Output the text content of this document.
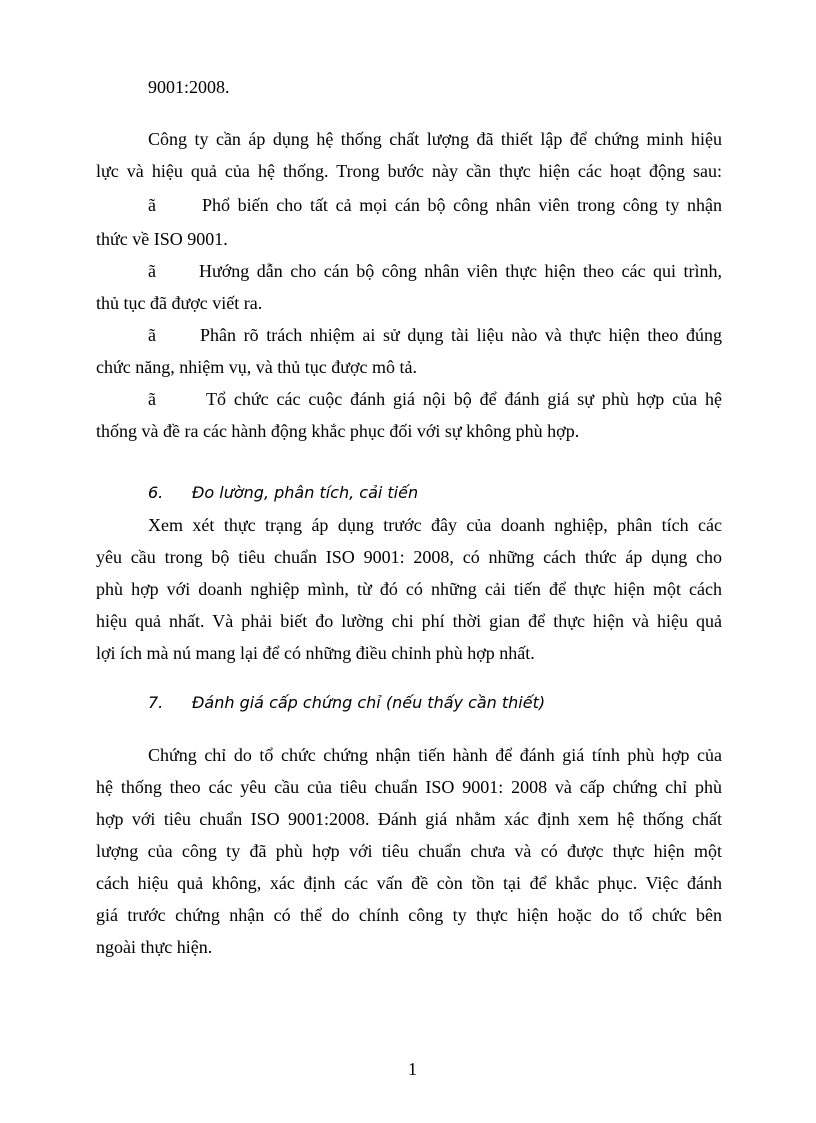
9001:2008.
Công ty cần áp dụng hệ thống chất lượng đã thiết lập để chứng minh hiệu
lực và hiệu quả của hệ thống. Trong bước này cần thực hiện các hoạt động sau:
ã	Phổ biến cho tất cả mọi cán bộ công nhân viên trong công ty nhận
thức về ISO 9001.
ã Hướng dẫn cho cán bộ công nhân viên thực hiện theo các qui trình,
thủ tục đã được viết ra.
ã Phân rõ trách nhiệm ai sử dụng tài liệu nào và thực hiện theo đúng
chức năng, nhiệm vụ, và thủ tục được mô tả.
ã	Tổ chức các cuộc đánh giá nội bộ để đánh giá sự phù hợp của hệ
thống và đề ra các hành động khắc phục đối với sự không phù hợp.
6. Đo lường, phân tích, cải tiến
Xem xét thực trạng áp dụng trước đây của doanh nghiệp, phân tích các
yêu cầu trong bộ tiêu chuẩn ISO 9001: 2008, có những cách thức áp dụng cho
phù hợp với doanh nghiệp mình, từ đó có những cải tiến để thực hiện một cách
hiệu quả nhất. Và phải biết đo lường chi phí thời gian để thực hiện và hiệu quả
lợi ích mà nú mang lại để có những điều chỉnh phù hợp nhất.
7. Đánh giá cấp chứng chỉ (nếu thấy cần thiết)
Chứng chỉ do tổ chức chứng nhận tiến hành để đánh giá tính phù hợp của
hệ thống theo các yêu cầu của tiêu chuẩn ISO 9001: 2008 và cấp chứng chỉ phù
hợp với tiêu chuẩn ISO 9001:2008. Đánh giá nhằm xác định xem hệ thống chất
lượng của công ty đã phù hợp với tiêu chuẩn chưa và có được thực hiện một
cách hiệu quả không, xác định các vấn đề còn tồn tại để khắc phục. Việc đánh
giá trước chứng nhận có thể do chính công ty thực hiện hoặc do tổ chức bên
ngoài thực hiện.
1
